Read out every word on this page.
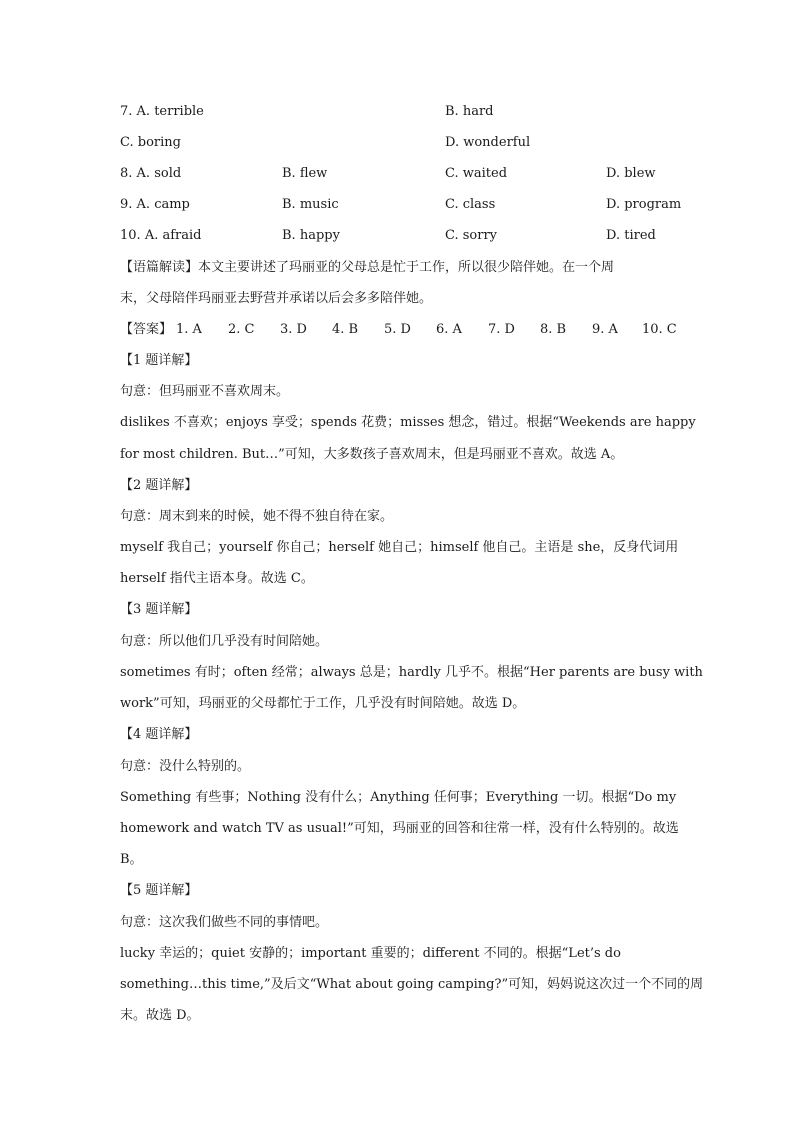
7. A. terrible	B. hard
C. boring	D. wonderful
8. A. sold	B. flew	C. waited	D. blew
9. A. camp	B. music	C. class	D. program
10. A. afraid	B. happy	C. sorry	D. tired
【语篇解读】本文主要讲述了玛丽亚的父母总是忙于工作，所以很少陪伴她。在一个周
末，父母陪伴玛丽亚去野营并承诺以后会多多陪伴她。
【答案】 1. A 2. C 3. D 4. B 5. D 6. A 7. D 8. B 9. A 10. C
【1 题详解】
句意：但玛丽亚不喜欢周末。
dislikes 不喜欢；enjoys 享受；spends 花费；misses 想念，错过。根据“Weekends are happy
for most children. But…”可知，大多数孩子喜欢周末，但是玛丽亚不喜欢。故选 A。
【2 题详解】
句意：周末到来的时候，她不得不独自待在家。
myself 我自己；yourself 你自己；herself 她自己；himself 他自己。主语是 she，反身代词用
herself 指代主语本身。故选 C。
【3 题详解】
句意：所以他们几乎没有时间陪她。
sometimes 有时；often 经常；always 总是；hardly 几乎不。根据“Her parents are busy with
work”可知，玛丽亚的父母都忙于工作，几乎没有时间陪她。故选 D。
【4 题详解】
句意：没什么特别的。
Something 有些事；Nothing 没有什么；Anything 任何事；Everything 一切。根据“Do my
homework and watch TV as usual!”可知，玛丽亚的回答和往常一样，没有什么特别的。故选
B。
【5 题详解】
句意：这次我们做些不同的事情吧。
lucky 幸运的；quiet 安静的；important 重要的；different 不同的。根据“Let’s do
something…this time,”及后文“What about going camping?”可知，妈妈说这次过一个不同的周
末。故选 D。
